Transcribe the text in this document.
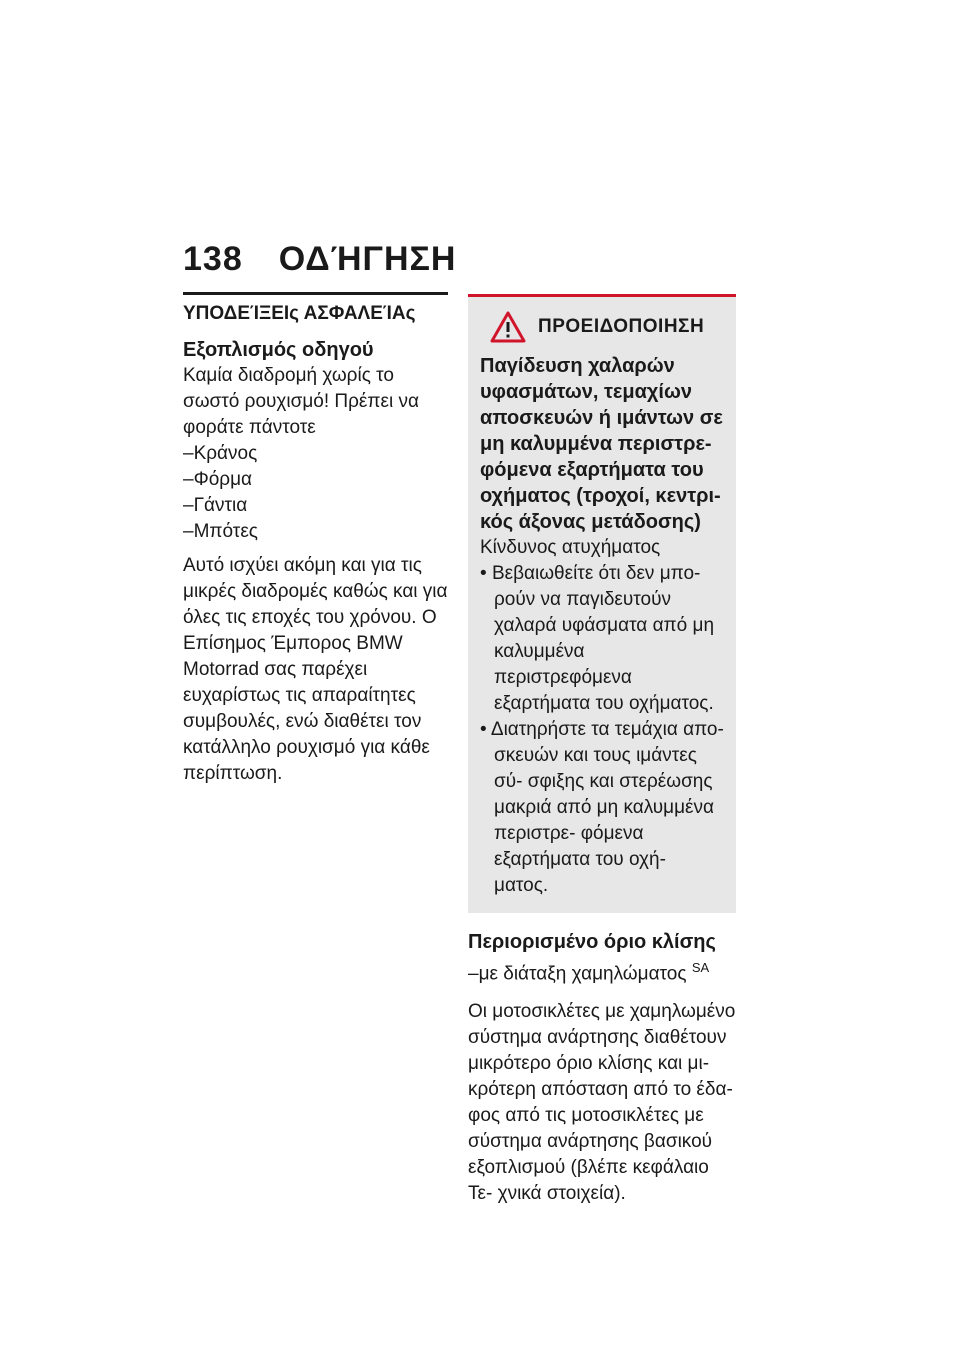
138 ΟΔΉΓΗΣΗ
ΥΠΟΔΕΊΞΕΙς ΑΣΦΑΛΕΊΑς
Εξοπλισμός οδηγού

Καμία διαδρομή χωρίς το σωστό ρουχισμό! Πρέπει να φοράτε πάντοτε

– Κράνος
– Φόρμα
– Γάντια
– Μπότες

Αυτό ισχύει ακόμη και για τις μικρές διαδρομές καθώς και για όλες τις εποχές του χρόνου. Ο Επίσημος Έμπορος BMW Motorrad σας παρέχει ευχαρίστως τις απαραίτητες συμβουλές, ενώ διαθέτει τον κατάλληλο ρουχισμό για κάθε περίπτωση.

ΠΡΟΕΙΔΟΠΟΙΗΣΗ
Παγίδευση χαλαρών υφασμάτων, τεμαχίων αποσκευών ή ιμάντων σε μη καλυμμένα περιστρε- φόμενα εξαρτήματα του οχήματος (τροχοί, κεντρι- κός άξονας μετάδοσης)

Κίνδυνος ατυχήματος

• Βεβαιωθείτε ότι δεν μπο- ρούν να παγιδευτούν χαλαρά υφάσματα από μη καλυμμένα περιστρεφόμενα εξαρτήματα του οχήματος.
• Διατηρήστε τα τεμάχια απο- σκευών και τους ιμάντες σύ- σφιξης και στερέωσης μακριά από μη καλυμμένα περιστρε- φόμενα εξαρτήματα του οχή- ματος.
Περιορισμένο όριο κλίσης

–με διάταξη χαμηλώματος $^{SA}$

Οι μοτοσικλέτες με χαμηλωμένο σύστημα ανάρτησης διαθέτουν μικρότερο όριο κλίσης και μι- κρότερη απόσταση από το έδα- φος από τις μοτοσικλέτες με σύστημα ανάρτησης βασικού εξοπλισμού (βλέπε κεφάλαιο Τε- χνικά στοιχεία).
